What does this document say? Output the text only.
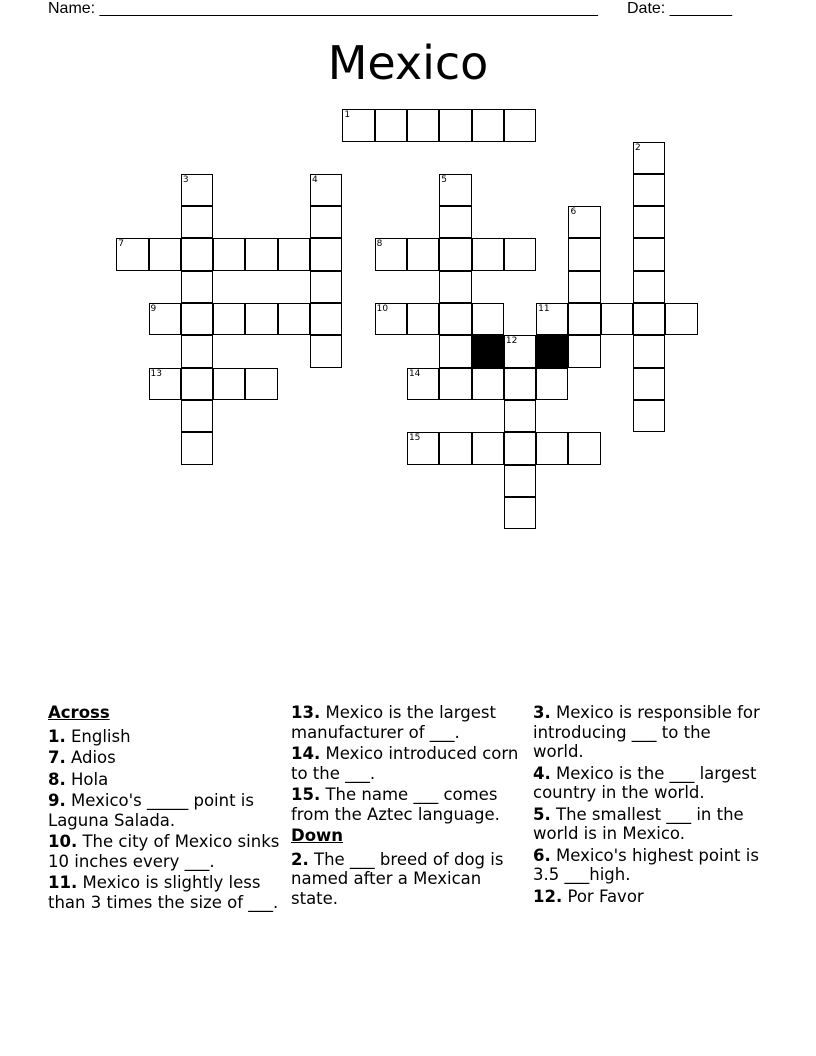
Name: ________________________________________________________ Date: _______
Mexico
1
2
3	4	5
6
7	8
9	10	11
12
13	14
15
Across
1. English
7. Adios
8. Hola
9. Mexico's _____ point is Laguna Salada.
10. The city of Mexico sinks 10 inches every ___.
11. Mexico is slightly less than 3 times the size of ___.
13. Mexico is the largest manufacturer of ___.
14. Mexico introduced corn to the ___.
15. The name ___ comes from the Aztec language.
Down
2. The ___ breed of dog is named after a Mexican state.
3. Mexico is responsible for introducing ___ to the world.
4. Mexico is the ___ largest country in the world.
5. The smallest ___ in the world is in Mexico.
6. Mexico's highest point is 3.5 ___high.
12. Por Favor
